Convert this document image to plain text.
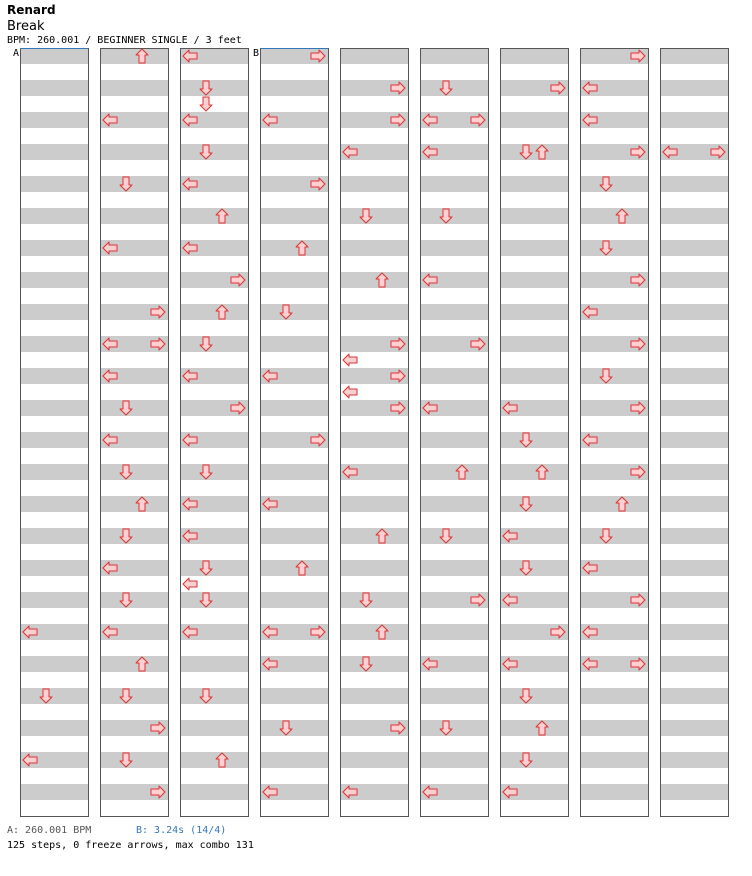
Renard
Break
BPM: 260.001 / BEGINNER SINGLE / 3 feet
A	B
A: 260.001 BPM	B: 3.24s (14/4)
125 steps, 0 freeze arrows, max combo 131
